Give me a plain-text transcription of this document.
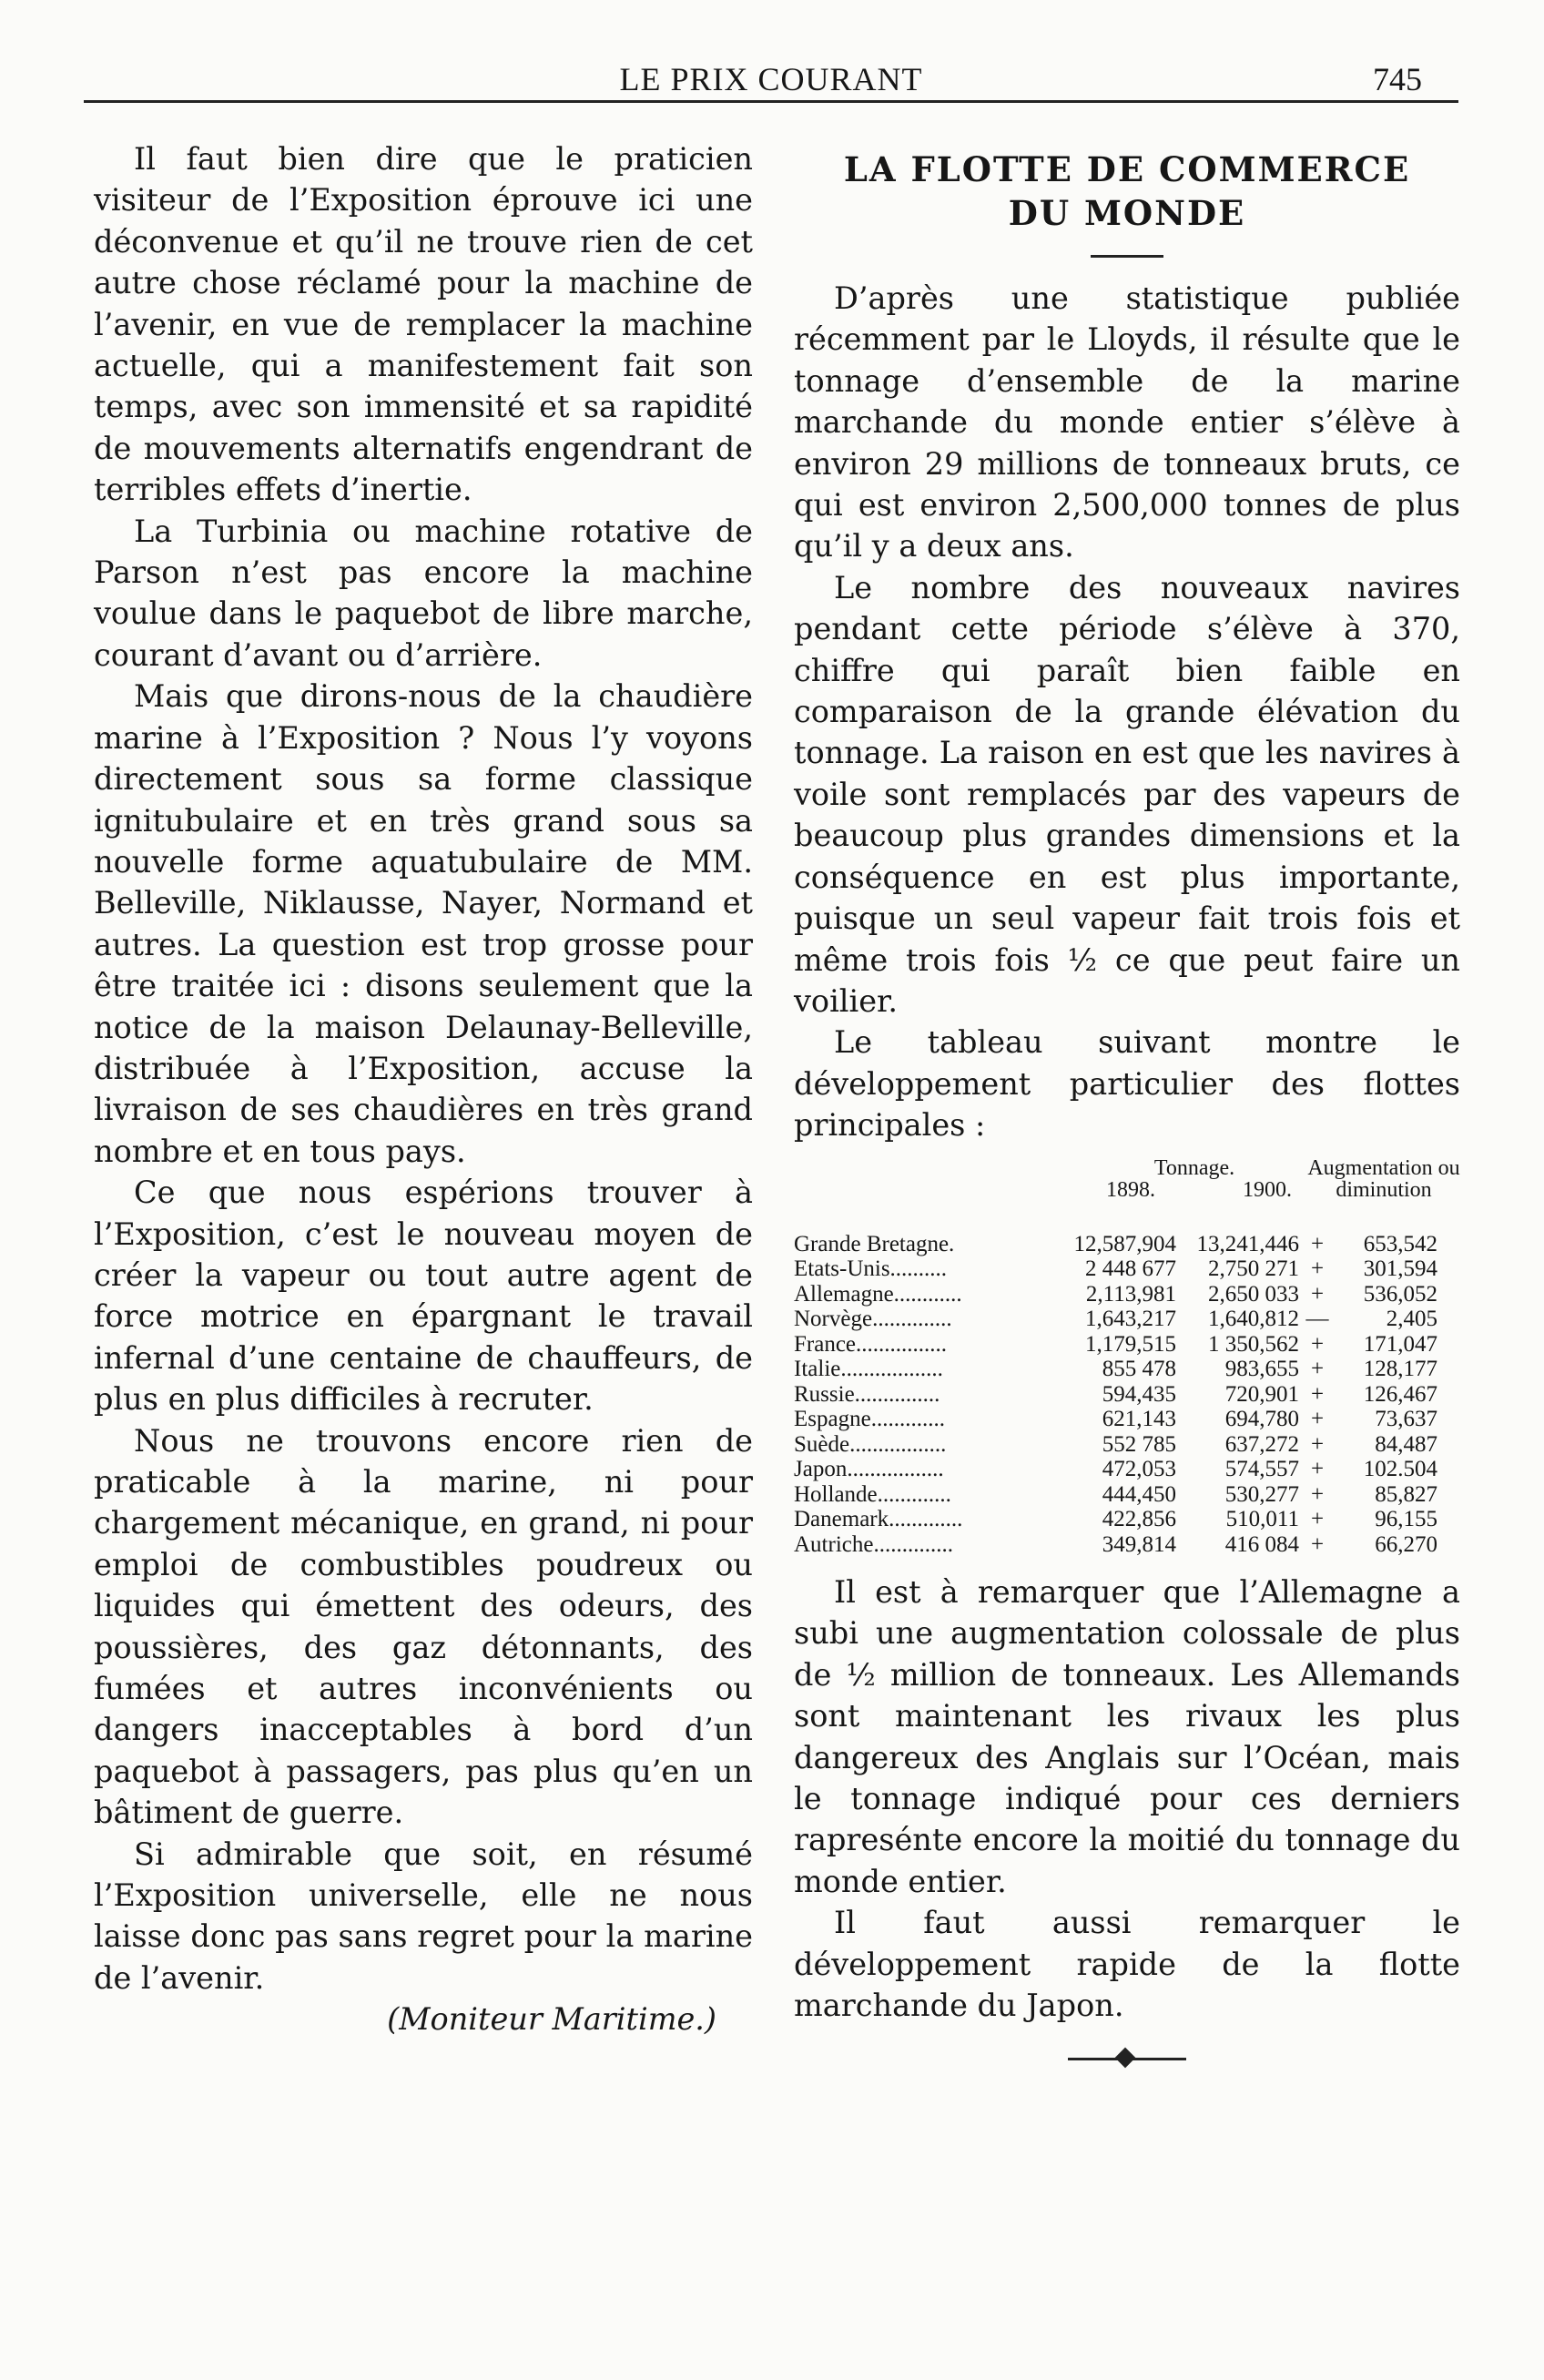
LE PRIX COURANT	745

Il faut bien dire que le praticien visiteur de l’Exposition éprouve ici une déconvenue et qu’il ne trouve rien de cet autre chose réclamé pour la machine de l’avenir, en vue de remplacer la machine actuelle, qui a manifestement fait son temps, avec son immensité et sa rapidité de mouvements alternatifs engendrant de terribles effets d’inertie.

La Turbinia ou machine rotative de Parson n’est pas encore la machine voulue dans le paquebot de libre marche, courant d’avant ou d’arrière.

Mais que dirons-nous de la chaudière marine à l’Exposition ? Nous l’y voyons directement sous sa forme classique ignitubulaire et en très grand sous sa nouvelle forme aquatubulaire de MM. Belleville, Niklausse, Nayer, Normand et autres. La question est trop grosse pour être traitée ici : disons seulement que la notice de la maison Delaunay-Belleville, distribuée à l’Exposition, accuse la livraison de ses chaudières en très grand nombre et en tous pays.

Ce que nous espérions trouver à l’Exposition, c’est le nouveau moyen de créer la vapeur ou tout autre agent de force motrice en épargnant le travail infernal d’une centaine de chauffeurs, de plus en plus difficiles à recruter.

Nous ne trouvons encore rien de praticable à la marine, ni pour chargement mécanique, en grand, ni pour emploi de combustibles poudreux ou liquides qui émettent des odeurs, des poussières, des gaz détonnants, des fumées et autres inconvénients ou dangers inacceptables à bord d’un paquebot à passagers, pas plus qu’en un bâtiment de guerre.

Si admirable que soit, en résumé l’Exposition universelle, elle ne nous laisse donc pas sans regret pour la marine de l’avenir.

(Moniteur Maritime.)

LA FLOTTE DE COMMERCE
DU MONDE

D’après une statistique publiée récemment par le Lloyds, il résulte que le tonnage d’ensemble de la marine marchande du monde entier s’élève à environ 29 millions de tonneaux bruts, ce qui est environ 2,500,000 tonnes de plus qu’il y a deux ans.

Le nombre des nouveaux navires pendant cette période s’élève à 370, chiffre qui paraît bien faible en comparaison de la grande élévation du tonnage. La raison en est que les navires à voile sont remplacés par des vapeurs de beaucoup plus grandes dimensions et la conséquence en est plus importante, puisque un seul vapeur fait trois fois et même trois fois ½ ce que peut faire un voilier.

Le tableau suivant montre le développement particulier des flottes principales :

Tonnage.
1898.	1900.
Augmentation ou diminution
Grande Bretagne.	12,587,904 13,241,446 +	653,542
Etats-Unis..........	2 448 677	2,750 271 +	301,594
Allemagne............	2,113,981	2,650 033 +	536,052
Norvège..............	1,643,217	1,640,812 —	2,405
France................	1,179,515	1 350,562 +	171,047
Italie..................	855 478	983,655 +	128,177
Russie...............	594,435	720,901 +	126,467
Espagne.............	621,143	694,780 +	73,637
Suède.................	552 785	637,272 +	84,487
Japon.................	472,053	574,557 +	102.504
Hollande.............	444,450	530,277 +	85,827
Danemark.............	422,856	510,011 +	96,155
Autriche..............	349,814	416 084 +	66,270

Il est à remarquer que l’Allemagne a subi une augmentation colossale de plus de ½ million de tonneaux. Les Allemands sont maintenant les rivaux les plus dangereux des Anglais sur l’Océan, mais le tonnage indiqué pour ces derniers rapresénte encore la moitié du tonnage du monde entier.

Il faut aussi remarquer le développement rapide de la flotte marchande du Japon.
